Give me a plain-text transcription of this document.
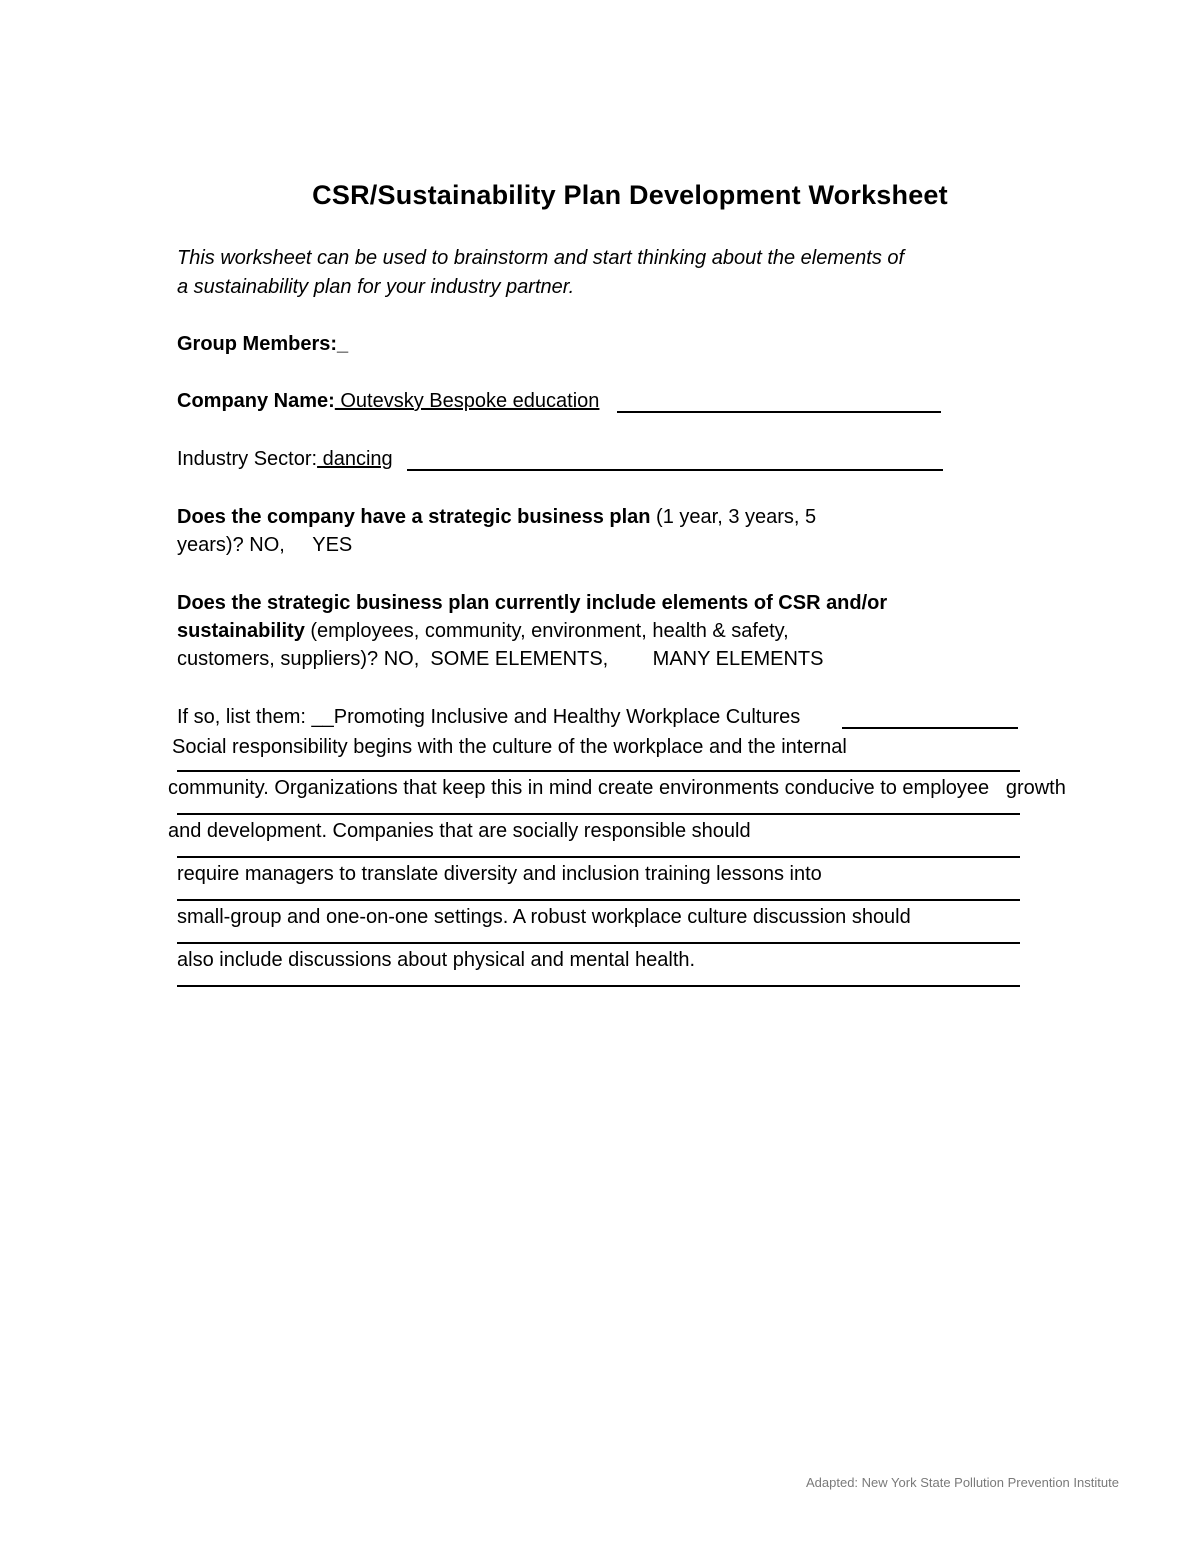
CSR/Sustainability Plan Development Worksheet
This worksheet can be used to brainstorm and start thinking about the elements of
a sustainability plan for your industry partner.
Group Members:_
Company Name: Outevsky Bespoke education
Industry Sector: dancing
Does the company have a strategic business plan (1 year, 3 years, 5
years)? NO,     YES
Does the strategic business plan currently include elements of CSR and/or
sustainability (employees, community, environment, health & safety,
customers, suppliers)? NO,  SOME ELEMENTS,        MANY ELEMENTS
If so, list them: __Promoting Inclusive and Healthy Workplace Cultures
Social responsibility begins with the culture of the workplace and the internal
community. Organizations that keep this in mind create environments conducive to employee   growth
and development. Companies that are socially responsible should
require managers to translate diversity and inclusion training lessons into
small-group and one-on-one settings. A robust workplace culture discussion should
also include discussions about physical and mental health.
Adapted: New York State Pollution Prevention Institute
